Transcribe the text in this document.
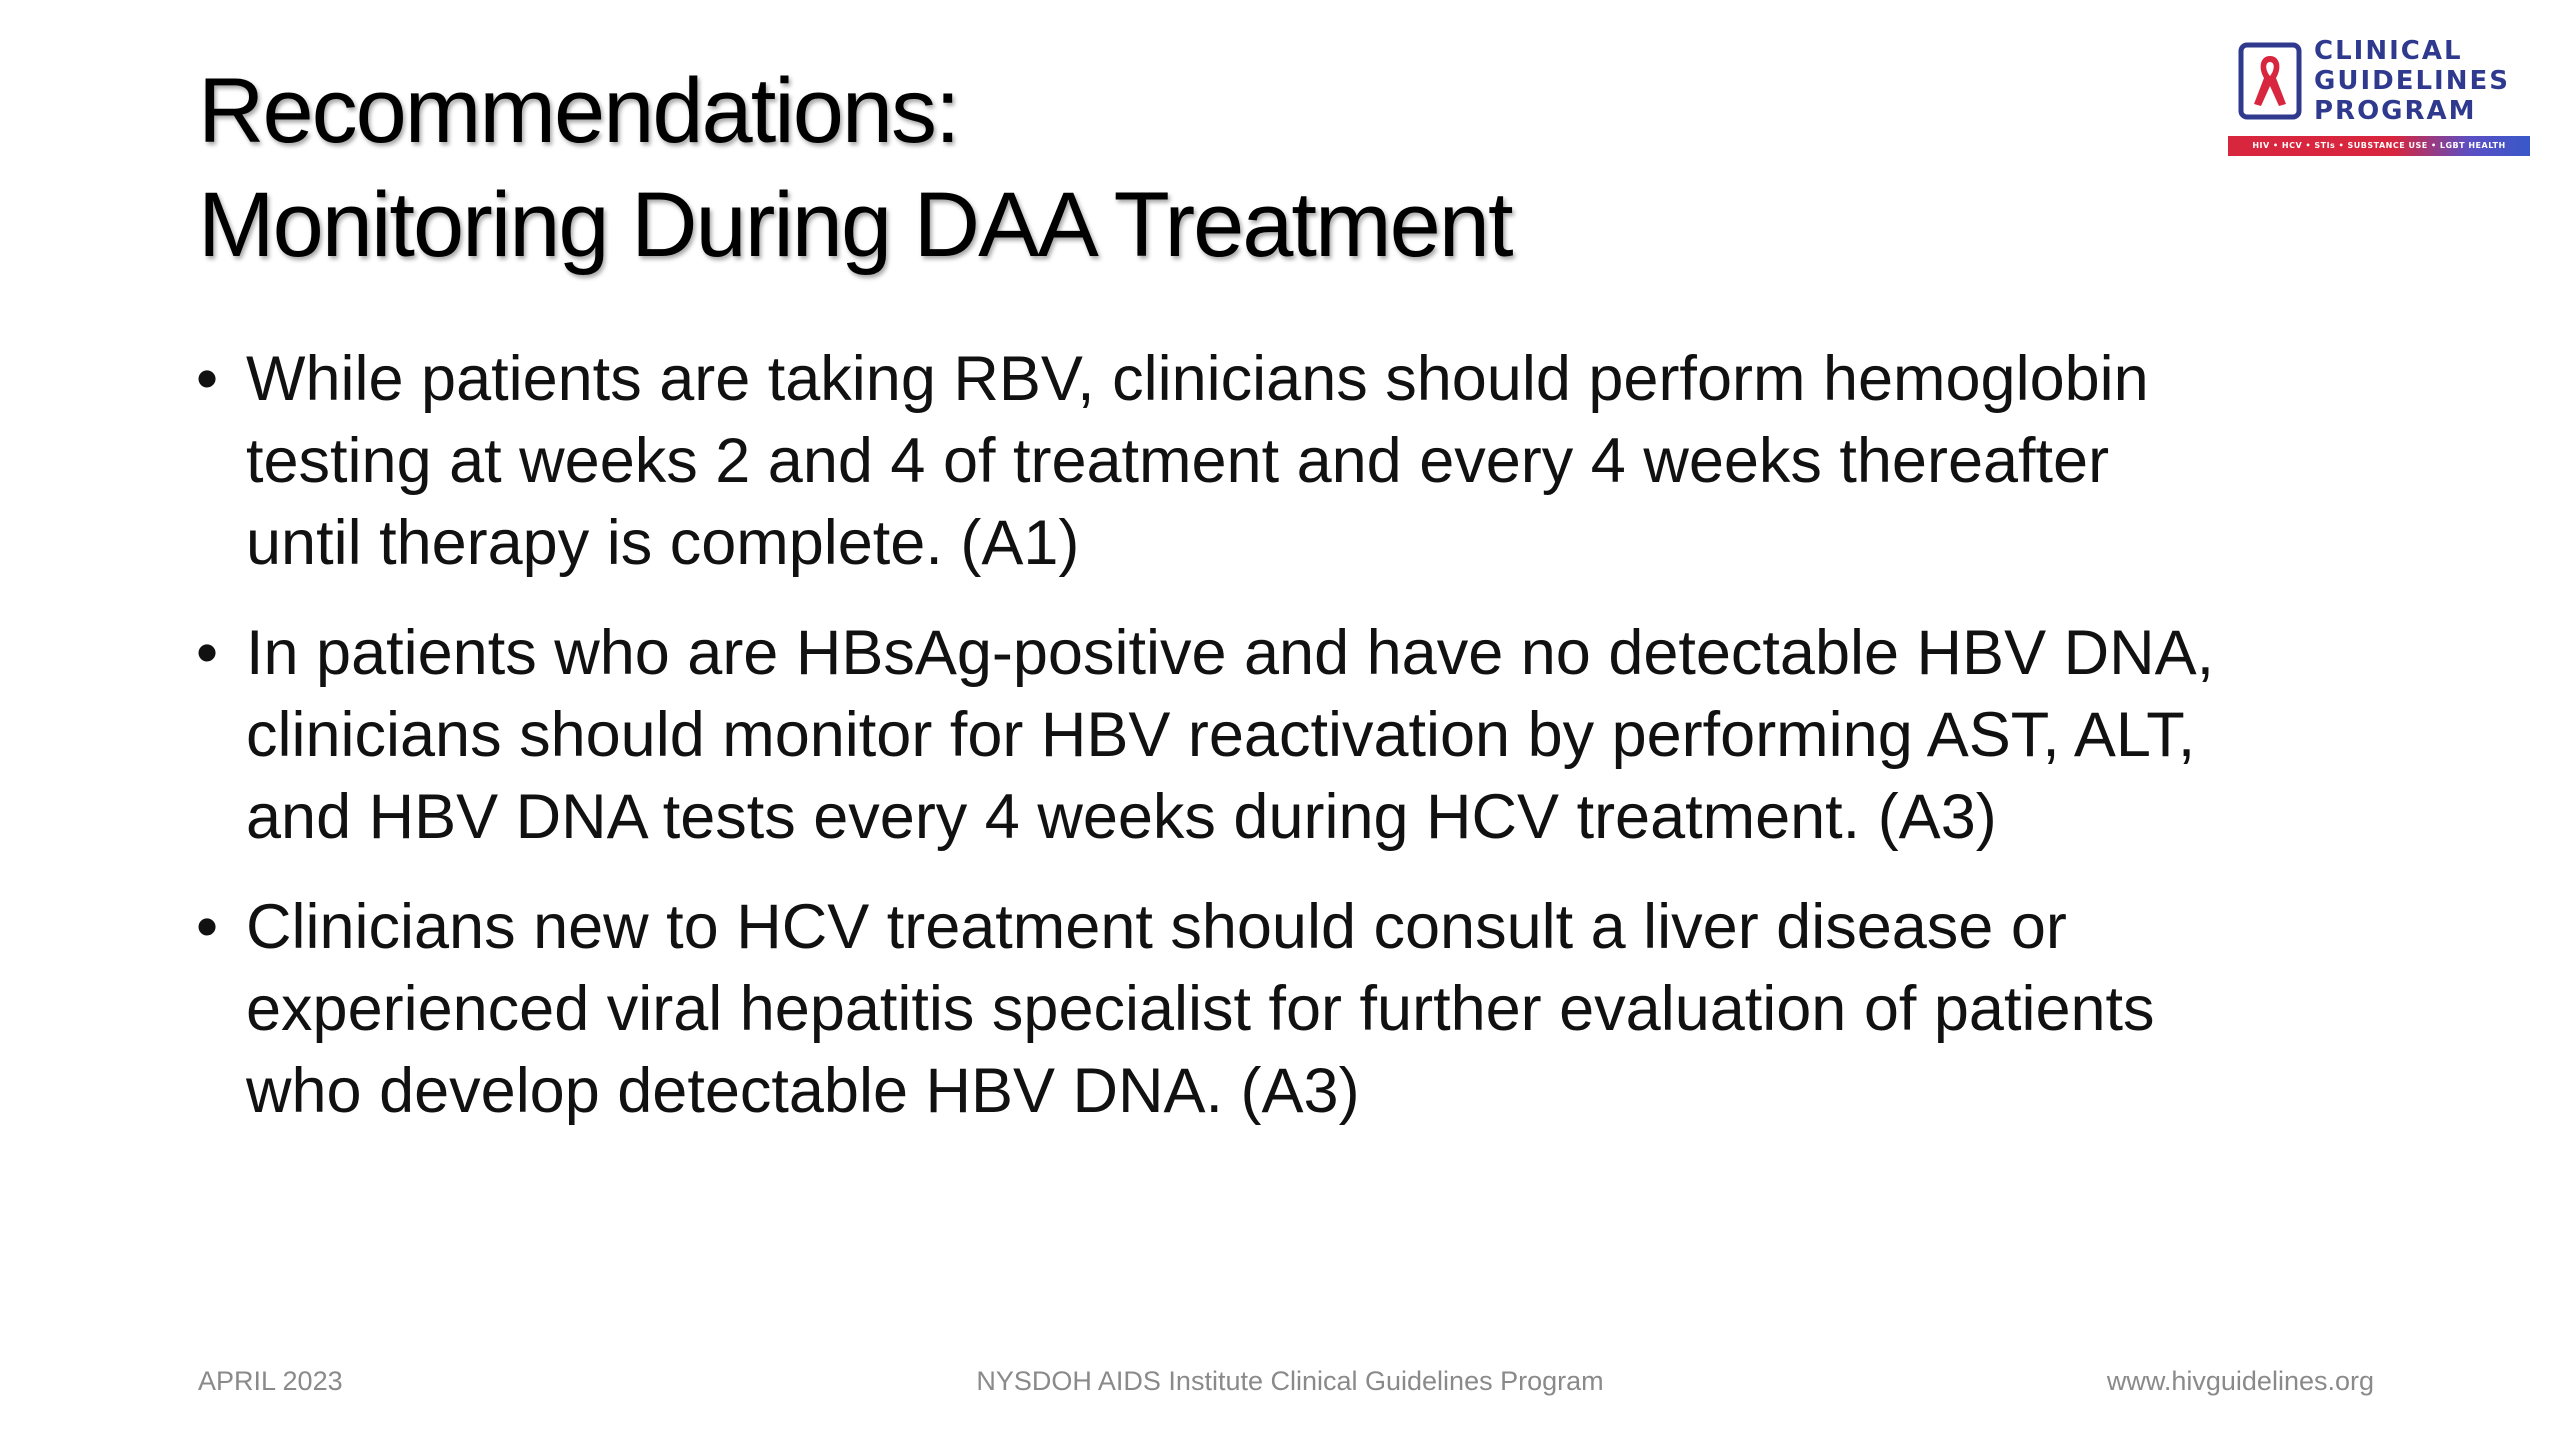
Recommendations:
Monitoring During DAA Treatment
CLINICAL
GUIDELINES
PROGRAM
HIV • HCV • STIs • SUBSTANCE USE • LGBT HEALTH
• While patients are taking RBV, clinicians should perform hemoglobin
testing at weeks 2 and 4 of treatment and every 4 weeks thereafter
until therapy is complete. (A1)
• In patients who are HBsAg-positive and have no detectable HBV DNA,
clinicians should monitor for HBV reactivation by performing AST, ALT,
and HBV DNA tests every 4 weeks during HCV treatment. (A3)
• Clinicians new to HCV treatment should consult a liver disease or
experienced viral hepatitis specialist for further evaluation of patients
who develop detectable HBV DNA. (A3)
APRIL 2023	NYSDOH AIDS Institute Clinical Guidelines Program	www.hivguidelines.org
